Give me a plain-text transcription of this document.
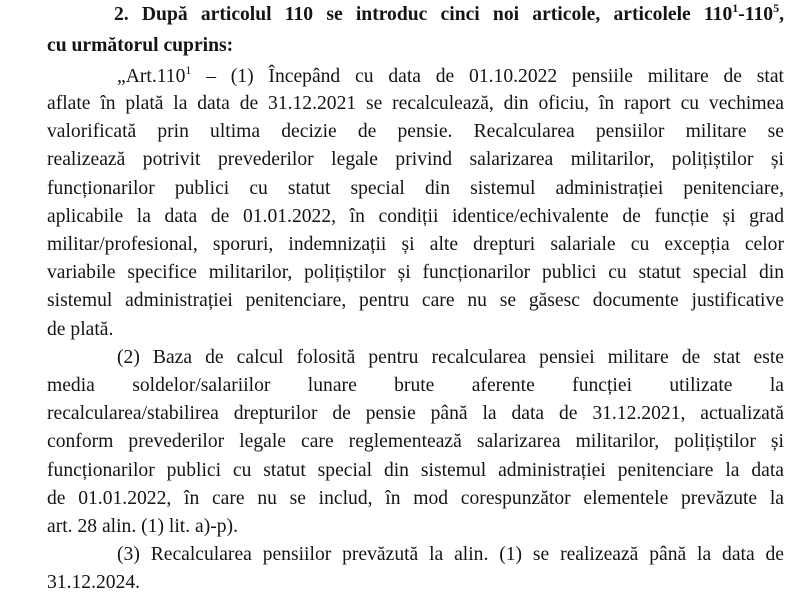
2. După articolul 110 se introduc cinci noi articole, articolele $110^1-110^5$,
cu următorul cuprins:
„Art.110$^1$ – (1) Începând cu data de 01.10.2022 pensiile militare de stat
aflate în plată la data de 31.12.2021 se recalculează, din oficiu, în raport cu vechimea
valorificată prin ultima decizie de pensie. Recalcularea pensiilor militare se
realizează potrivit prevederilor legale privind salarizarea militarilor, polițiștilor și
funcționarilor publici cu statut special din sistemul administrației penitenciare,
aplicabile la data de 01.01.2022, în condiții identice/echivalente de funcție și grad
militar/profesional, sporuri, indemnizații și alte drepturi salariale cu excepția celor
variabile specifice militarilor, polițiștilor și funcționarilor publici cu statut special din
sistemul administrației penitenciare, pentru care nu se găsesc documente justificative
de plată.
(2) Baza de calcul folosită pentru recalcularea pensiei militare de stat este
media soldelor/salariilor lunare brute aferente funcției utilizate la
recalcularea/stabilirea drepturilor de pensie până la data de 31.12.2021, actualizată
conform prevederilor legale care reglementează salarizarea militarilor, polițiștilor și
funcționarilor publici cu statut special din sistemul administrației penitenciare la data
de 01.01.2022, în care nu se includ, în mod corespunzător elementele prevăzute la
art. 28 alin. (1) lit. a)-p).
(3) Recalcularea pensiilor prevăzută la alin. (1) se realizează până la data de
31.12.2024.
